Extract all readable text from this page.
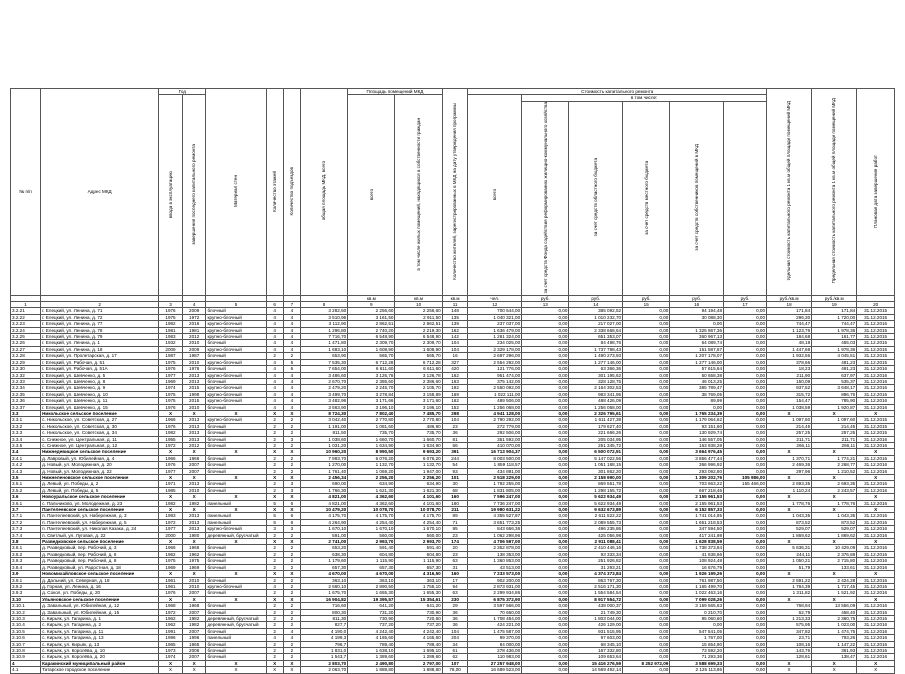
№ п/п	Адрес МКД	Год		Материал стен	Количество этажей	Количество подъездов	общая площадь МКД, всего	Площадь помещений МКД		Количество жителей, зарегистрированных в МКД на дату утверждения программы	Стоимость капитального ремонта						Удельная стоимость капитального ремонта 1 кв.м общей площади помещений МКД	Предельная стоимость капитального ремонта 1 кв.м общей площади помещений МКД	Плановая дата завершения работ
		ввода в эксплуатацию	завершения последнего капитального ремонта					всего	в том числе жилых помещений, находящихся в собственности граждан		всего	в том числе:							
												за счет средств Фонда содействия реформированию жилищно-коммунального хозяйства	за счет средств областного бюджета	за счет средств местного бюджета	за счет средств собственников помещений в МКД				
								кв.м	кв.м	кв.м	чел.	руб.	руб.	руб.	руб.	руб.	руб./кв.м	руб./кв.м	
1	2	3	4	5	6	7	8	9	10	11	12	13	14	15	16	17	18	19	20
3.2.21	г. Елецкий, ул. Ленина, д. 71	1976	2009	блочный	4	4	3 282,50	2 256,60	2 256,60	148	700 544,00	0,00	385 092,52	0,00	94 194,48	0,00	171,84	171,84	31.12.2015
3.2.22	г. Елецкий, ул. Ленина, д. 72	1975	1972	крупно-блочный	4	4	3 510,96	3 161,50	2 911,50	135	1 040 321,00	0,00	1 010 232,70	0,00	30 088,30	0,00	296,30	1 720,00	31.12.2015
3.2.23	г. Елецкий, ул. Ленина, д. 77	1982	2016	крупно-блочный	4	4	3 112,90	2 862,51	2 862,51	139	237 037,00	0,00	217 027,00	0,00	0,00	0,00	744,47	744,47	31.12.2016
3.2.24	г. Елецкий, ул. Ленина, д. 78	1981	1981	крупно-блочный	4	4	1 296,80	2 740,20	2 219,30	162	1 636 479,00	0,00	2 338 668,64	0,00	1 325 867,36	0,00	1 123,76	1 978,36	31.12.2015
3.2.25	г. Елецкий, ул. Ленина, д. 79	1983	2012	крупно-блочный	4	4	7 716,70	6 548,90	6 548,90	142	1 261 324,00	0,00	651 353,07	0,00	360 967,13	0,00	184,68	161,77	31.12.2015
3.2.26	г. Елецкий, ул. Ленина, д. 1	1932	2010	блочный	4	4	1 471,80	2 309,70	2 309,70	104	234 025,00	0,00	84 498,76	0,00	64 089,74	0,00	48,18	455,03	31.12.2015
3.2.27	г. Елецкий, ул. Ленина, д. 18	2009	2009	крупно-блочный	4	4	1 683,10	1 608,90	1 608,90	104	2 329 178,00	0,00	1 737 798,43	0,00	151 587,67	0,00	1 447,68	1 978,36	31.12.2015
3.2.28	г. Елецкий, ул. Пролетарская, д. 17	1987	1987	блочный	2	2	653,90	565,70	565,70	16	2 697 296,00	0,00	1 490 273,93	0,00	1 207 178,07	0,00	1 932,56	4 045,51	31.12.2015
3.2.29	г. Елецкий, ул. Рабочая, д. 51	1975	2010	крупно-блочный	4	5	7 535,30	6 712,28	6 712,28	327	2 554 292,00	0,00	1 277 146,00	0,00	1 277 146,00	0,00	378,66	481,23	31.12.2015
3.2.30	г. Елецкий, ул. Рабочая, д. 51А	1976	1976	блочный	4	6	7 654,00	6 611,60	6 611,60	420	121 776,00	0,00	63 366,36	0,00	57 615,64	0,00	18,23	491,23	31.12.2016
3.2.32	г. Елецкий, ул. Шевченко, д. 5	1977	2013	крупно-блочный	4	4	3 486,60	3 126,78	3 126,78	162	951 474,00	0,00	301 195,62	0,00	50 658,38	0,00	211,90	637,97	31.12.2016
3.2.33	г. Елецкий, ул. Шевченко, д. 8	1969	2013	блочный	4	4	2 670,70	2 386,60	2 386,60	163	375 142,00	0,00	328 128,75	0,00	46 013,25	0,00	150,09	535,37	31.12.2016
3.2.34	г. Елецкий, ул. Шевченко, д. 9	1974	2015	крупно-блочный	4	4	2 479,20	2 245,70	2 105,70	192	2 550 092,00	0,00	2 164 302,53	0,00	385 789,47	0,00	937,52	3 648,17	31.12.2016
3.2.35	г. Елецкий, ул. Шевченко, д. 10	1975	1998	крупно-блочный	4	4	3 499,70	3 278,84	3 158,89	169	1 022 111,00	0,00	983 341,95	0,00	38 769,05	0,00	315,72	896,76	31.12.2016
3.2.36	г. Елецкий, ул. Шевченко, д. 11	1975	2015	крупно-блочный	4	4	3 482,96	3 171,66	3 171,60	162	489 506,00	0,00	488 426,09	0,00	89,99	0,00	154,47	785,90	31.12.2016
3.2.37	г. Елецкий, ул. Шевченко, д. 15	1976	2010	блочный	4	4	3 563,90	3 196,10	3 196,10	152	1 256 068,00	0,00	1 256 068,00	0,00	0,00	0,00	1 038,59	1 920,87	31.12.2016
3.3	Никольское сельское поселение	X	X	X	X	X	8 724,30	7 802,40	7 485,70	298	4 941 128,00	0,00	2 326 795,61	0,00	1 765 234,39	0,00	X	X	X
3.3.1	с. Никольское, ул. Советская, д. 27	1966	2013	крупно-блочный	2	2	3 042,40	2 770,80	2 770,80	104	2 790 292,00	0,00	1 611 427,38	0,00	1 179 064,62	0,00	1 097,60	1 097,60	31.12.2015
3.3.2	с. Никольское, ул. Советская, д. 30	1976	2013	блочный	2	2	1 191,00	1 081,60	486,90	23	272 779,00	0,00	179 627,40	0,00	93 151,60	0,00	214,45	214,45	31.12.2015
3.3.3	с. Никольское, ул. Советская, д. 34	1982	2013	блочный	2	2	811,50	735,70	735,70	36	292 506,00	0,00	221 666,26	0,00	130 929,74	0,00	257,25	257,25	31.12.2015
3.3.4	с. Снежное, ул. Центральная, д. 11	1955	2013	блочный	2	3	1 038,60	1 660,70	1 660,70	81	351 592,00	0,00	205 034,95	0,00	146 557,05	0,00	211,71	211,71	31.12.2016
3.3.5	с. Снежное, ул. Центральная, д. 12	1972	2012	блочный	2	2	1 031,20	1 634,90	1 634,90	66	410 070,00	0,00	251 345,72	0,00	163 938,28	0,00	266,11	266,11	31.12.2016
3.4	Нижнедевицкое сельское поселение	X	X	X	X	X	10 960,20	8 990,50	9 693,20	391	16 713 904,37	0,00	6 500 072,91	0,00	3 664 976,45	0,00	X	X	X
3.4.1	д. Лавровый, ул. Юбилейная, д. 4	1966	1966	блочный	2	2	7 993,70	6 076,20	6 076,20	244	8 003 500,00	0,00	5 147 022,56	0,00	3 856 477,44	0,00	1 370,71	1 774,21	31.12.2016
3.4.2	д. Новый, ул. Молодежная, д. 20	1976	2007	блочный	2	2	1 270,00	1 132,70	1 132,70	54	1 859 118,57	0,00	1 051 188,15	0,00	366 996,92	0,00	2 469,36	2 268,77	31.12.2016
3.4.3	д. Новый, ул. Молодежная, д. 22	1977	2007	блочный	2	2	1 761,40	1 069,20	1 947,00	93	434 891,00	0,00	301 862,20	0,00	293 092,80	0,00	297,96	1 210,52	31.12.2016
3.5	Нижнеленовское сельское поселение	X	X	X	X	X	2 456,34	2 256,20	2 256,20	101	2 518 229,00	0,00	2 158 990,00	0,00	1 309 202,76	105 986,00	X	X	X
3.5.1	д. Левый, ул. Победы, д. 2	1971	2013	блочный	2	3	690,00	634,90	634,90	30	1 792 255,00	0,00	869 551,78	0,00	703 663,22	155 466,00	2 693,35	2 693,35	31.12.2016
3.5.2	д. Левый, ул. Победы, д. 5	1985	2010	блочный	2	3	1 766,30	1 621,30	1 621,30	68	1 831 805,00	0,00	1 298 155,72	0,00	667 218,46	0,00	1 110,24	2 243,57	31.12.2016
3.6	Новоуральское сельское поселение	X	X	X	X	X	4 821,00	4 362,60	4 101,60	160	7 596 247,00	0,00	5 622 934,49	0,00	2 155 961,53	0,00	X	X	X
3.6.1	с. Пальчиково, ул. Молодежная, д. 23	1982	1982	панельный	5	6	4 821,00	4 362,60	4 101,60	160	7 736 247,00	0,00	5 622 934,49	0,00	2 155 961,53	0,00	1 778,76	1 778,76	31.12.2016
3.7	Пантелеевское сельское поселение	X	X	X	X	X	10 479,20	10 078,70	10 078,70	211	19 980 631,22	0,00	9 632 673,89	0,00	6 152 857,33	0,00	X	X	X
3.7.1	п. Пантелеевский, ул. Набережная, д. 3	1983	2013	панельный	5	6	4 175,70	4 175,70	4 175,70	89	4 355 527,97	0,00	2 611 522,22	0,00	1 741 014,85	0,00	1 043,35	1 043,35	31.12.2016
3.7.2	п. Пантелеевский, ул. Набережная, д. 5	1972	2013	панельный	5	6	4 264,90	4 254,40	4 254,40	71	3 651 773,25	0,00	2 089 555,73	0,00	1 651 218,53	0,00	873,52	873,52	31.12.2016
3.7.3	п. Пантелеевский, ул. Николая Казака, д. 24	1977	2013	крупно-блочный	3	3	1 670,10	1 670,10	1 670,10	95	843 666,36	0,00	496 235,86	0,00	347 594,50	0,00	529,07	529,07	31.12.2016
3.7.4	п. Светлый, ул. Луговая, д. 22	2000	1980	деревянный, брусчатый	2	2	591,00	560,00	560,00	23	1 062 298,96	0,00	425 056,98	0,00	417 241,98	0,00	1 869,62	1 869,62	31.12.2016
3.8	Разведковское сельское поселение	X	X	X	X	X	2 741,00	2 993,70	2 993,70	174	4 706 597,00	0,00	2 911 088,41	0,00	1 628 838,59	0,00	X	X	X
3.8.1	д. Разведковый, пер. Рабочий, д. 3	1966	1966	блочный	2	2	653,20	591,40	591,40	20	2 352 878,00	0,00	2 410 446,16	0,00	1 738 373,84	0,00	5 636,31	10 429,09	31.12.2016
3.8.2	д. Разведковый, пер. Рабочий, д. 6	1962	1962	блочный	2	2	638,30	604,80	604,80	23	138 353,00	0,00	93 333,34	0,00	41 638,66	0,00	244,11	2 376,88	31.12.2016
3.8.3	д. Разведковый, пер. Рабочий, д. 8	1975	1975	блочный	2	2	1 179,60	1 115,90	1 115,90	63	1 360 853,00	0,00	251 926,82	0,00	108 924,48	0,00	1 050,21	2 715,80	31.12.2016
3.8.4	д. Разведковый, ул. Радостная, д. 18	1969	1969	блочный	2	2	657,30	657,30	657,30	31	43 513,00	0,00	31 293,21	0,00	16 676,79	0,00	51,79	133,61	31.12.2016
3.9	Новомихайловское сельское поселение	X	X	X	X	X	4 670,00	4 670,00	4 316,50	160	7 233 573,00	0,00	4 374 373,84	0,00	1 926 199,26	0,00	X	X	X
3.9.1	д. Дальний, ул. Северная, д. 18	1961	2010	блочный	2	2	363,10	363,10	363,10	17	902 200,00	0,00	863 767,30	0,00	761 987,50	0,00	2 591,22	2 424,28	31.12.2016
3.9.2	д. Горная, ул. Ленина, д. 16	1961	2010	крупно-блочный	4	2	2 660,10	2 890,50	1 755,10	94	2 873 931,00	0,00	2 516 171,30	0,00	1 165 499,70	0,00	1 784,39	1 717,45	31.12.2016
3.9.3	д. Сокол, ул. Победы, д. 20	1976	2007	блочный	2	2	1 675,70	1 655,30	1 655,30	63	2 299 934,86	0,00	1 554 584,54	0,00	1 022 463,16	0,00	1 311,82	1 521,92	31.12.2016
3.10	Ульяновское сельское поселение	X	X	X	X	X	16 904,82	19 395,57	15 354,61	230	6 875 372,90	0,00	8 917 554,72	0,00	7 099 028,26	0,00	X	X	X
3.10.1	д. Завальный, ул. Юбилейная, д. 12	1968	1968	блочный	2	2	716,60	641,20	641,20	29	3 597 566,00	0,00	438 000,37	0,00	3 159 565,63	0,00	768,94	13 556,09	31.12.2016
3.10.2	д. Завальный, ул. Юбилейная, д. 15	1972	2007	блочный	2	2	800,30	731,20	730,90	36	70 660,00	0,00	21 749,30	0,00	0 210,70	0,00	62,79	458,40	31.12.2016
3.10.3	с. Кирьяк, ул. Гагарина, д. 1	1962	1982	деревянный, брусчатый	2	2	811,30	730,90	720,60	36	1 708 484,00	0,00	1 803 044,00	0,00	95 060,60	0,00	1 213,33	2 360,75	31.12.2016
3.10.4	с. Кирьяк, ул. Гагарина, д. 2	1962	1982	деревянный, брусчатый	2	2	827,7	737,20	737,20	36	424 221,00	0,00	426 129,00	0,00	0,00	0,00	575,95	1 023,00	31.12.2016
3.10.5	с. Кирьяк, ул. Гагарина, д. 11	1991	2007	блочный	2	4	4 190,0	4 242,40	4 242,40	104	1 475 587,00	0,00	931 515,95	0,00	547 541,05	0,00	347,82	1 474,75	31.12.2016
3.10.6	с. Кирьяк, ул. Гагарина, д. 13	1996	1996	панельный	4	4	4 199,3	4 165,60	4 165,60	204	99 370,00	0,00	97 603,00	0,00	1 767,00	0,00	23,71	793,26	31.12.2016
3.10.7	с. Кирьяк, ул. Кирьяк, д. 13	1965	1965	блочный	2	2	798,7	789,40	789,40	34	84 000,00	0,00	68 345,10	0,00	15 654,90	0,00	108,16	1 147,22	31.12.2016
3.10.8	с. Кирьяк, ул. Королёва, д. 10	1973	2006	блочный	2	2	1 831,0	1 638,10	1 695,10	61	278 436,00	0,00	167 332,80	0,00	73 592,20	0,00	143,76	361,93	31.12.2016
3.10.9	с. Кирьяк, ул. Королёва, д. 20	1974	2007	блочный	2	2	1 543,7	1 389,60	1 289,60	62	110 983,00	0,00	109 653,64	0,00	71 293,36	0,00	128,61	138,47	31.12.2016
4	Каракинский муниципальный район	X	X	X	X	X	2 803,70	2 490,80	2 797,00	107	27 257 948,00	0,00	15 416 276,59	8 252 972,09	3 588 699,33	0,00	X	X	X
4.1	Татарское городское поселение	X	X	X	X	X	2 063,70	1 888,80	1 888,80	78,00	16 689 523,00	0,00	14 569 492,14	0,00	2 125 113,86	0,00	X	X	X
